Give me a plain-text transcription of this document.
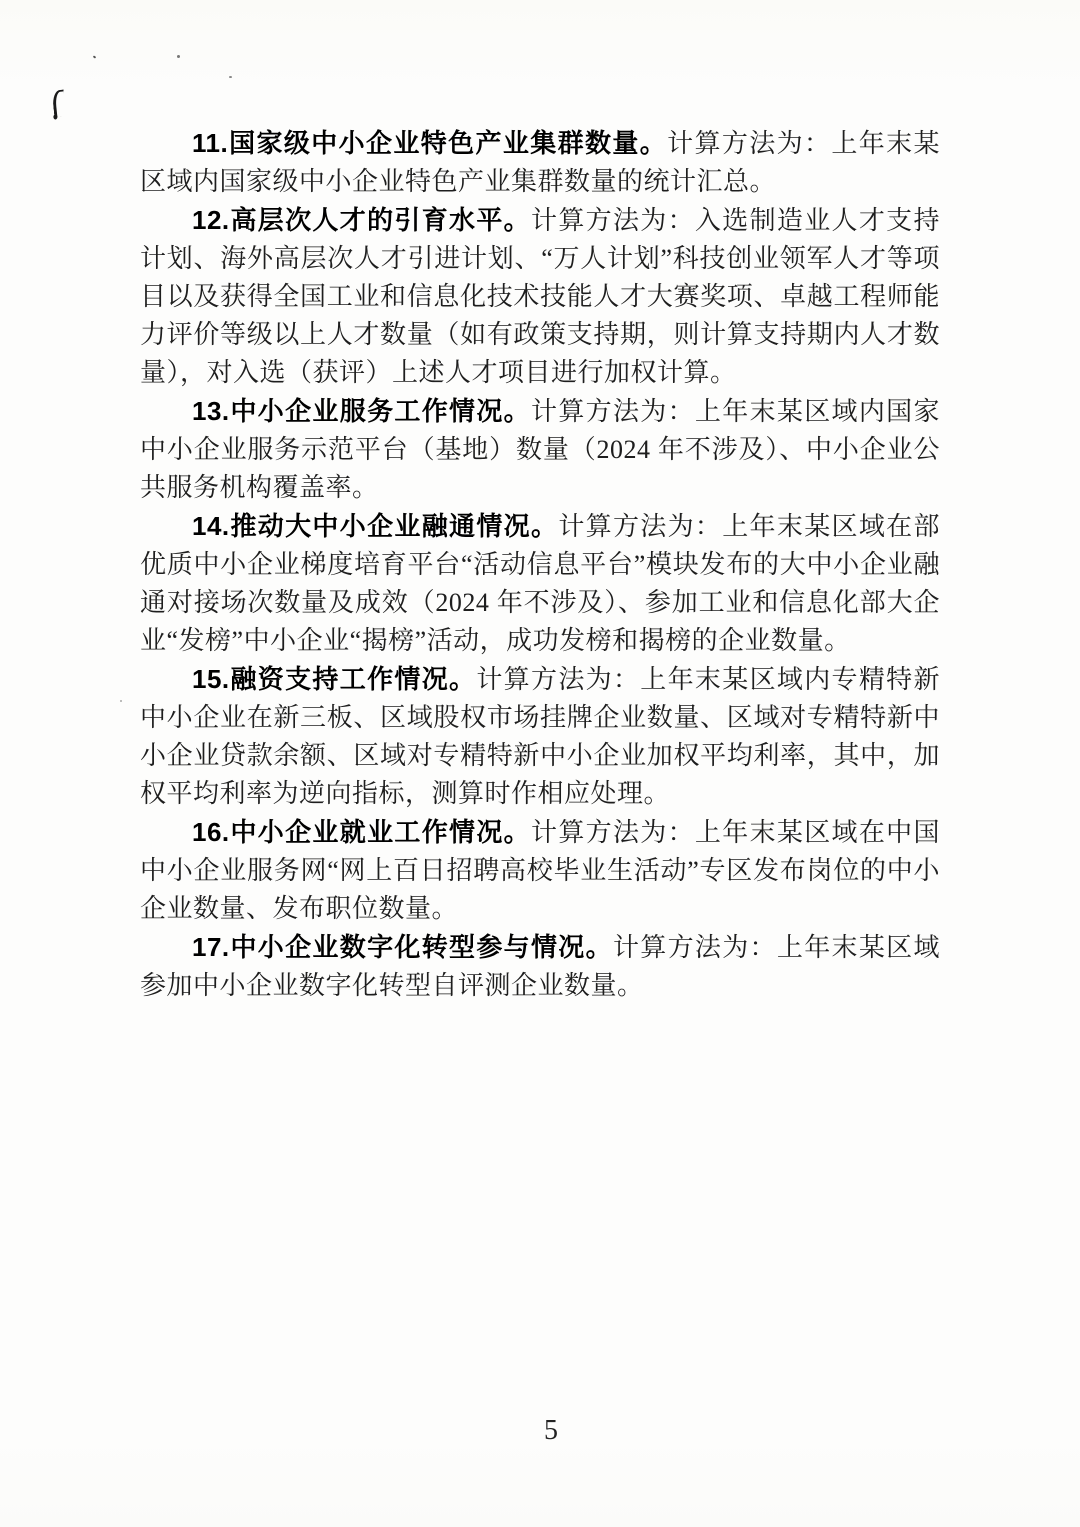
11.国家级中小企业特色产业集群数量。计算方法为：上年末某区域内国家级中小企业特色产业集群数量的统计汇总。

12.高层次人才的引育水平。计算方法为：入选制造业人才支持计划、海外高层次人才引进计划、“万人计划”科技创业领军人才等项目以及获得全国工业和信息化技术技能人才大赛奖项、卓越工程师能力评价等级以上人才数量（如有政策支持期，则计算支持期内人才数量），对入选（获评）上述人才项目进行加权计算。

13.中小企业服务工作情况。计算方法为：上年末某区域内国家中小企业服务示范平台（基地）数量（2024 年不涉及）、中小企业公共服务机构覆盖率。

14.推动大中小企业融通情况。计算方法为：上年末某区域在部优质中小企业梯度培育平台“活动信息平台”模块发布的大中小企业融通对接场次数量及成效（2024 年不涉及）、参加工业和信息化部大企业“发榜”中小企业“揭榜”活动，成功发榜和揭榜的企业数量。

15.融资支持工作情况。计算方法为：上年末某区域内专精特新中小企业在新三板、区域股权市场挂牌企业数量、区域对专精特新中小企业贷款余额、区域对专精特新中小企业加权平均利率，其中，加权平均利率为逆向指标，测算时作相应处理。

16.中小企业就业工作情况。计算方法为：上年末某区域在中国中小企业服务网“网上百日招聘高校毕业生活动”专区发布岗位的中小企业数量、发布职位数量。

17.中小企业数字化转型参与情况。计算方法为：上年末某区域参加中小企业数字化转型自评测企业数量。

5
